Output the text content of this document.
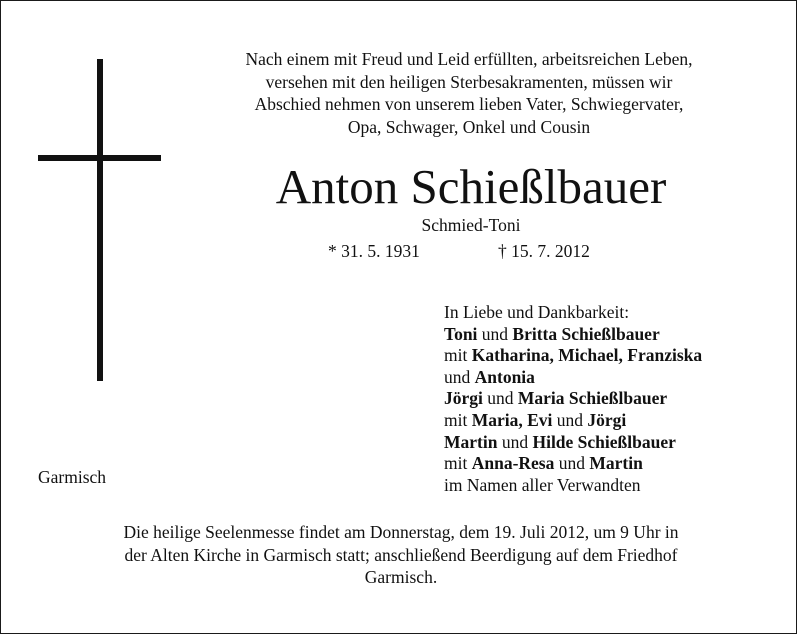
Nach einem mit Freud und Leid erfüllten, arbeitsreichen Leben,
versehen mit den heiligen Sterbesakramenten, müssen wir
Abschied nehmen von unserem lieben Vater, Schwiegervater,
Opa, Schwager, Onkel und Cousin
Anton Schießlbauer
Schmied-Toni
* 31. 5. 1931	† 15. 7. 2012
In Liebe und Dankbarkeit:
Toni und Britta Schießlbauer
mit Katharina, Michael, Franziska
und Antonia
Jörgi und Maria Schießlbauer
mit Maria, Evi und Jörgi
Martin und Hilde Schießlbauer
mit Anna-Resa und Martin
im Namen aller Verwandten
Garmisch
Die heilige Seelenmesse findet am Donnerstag, dem 19. Juli 2012, um 9 Uhr in
der Alten Kirche in Garmisch statt; anschließend Beerdigung auf dem Friedhof
Garmisch.
